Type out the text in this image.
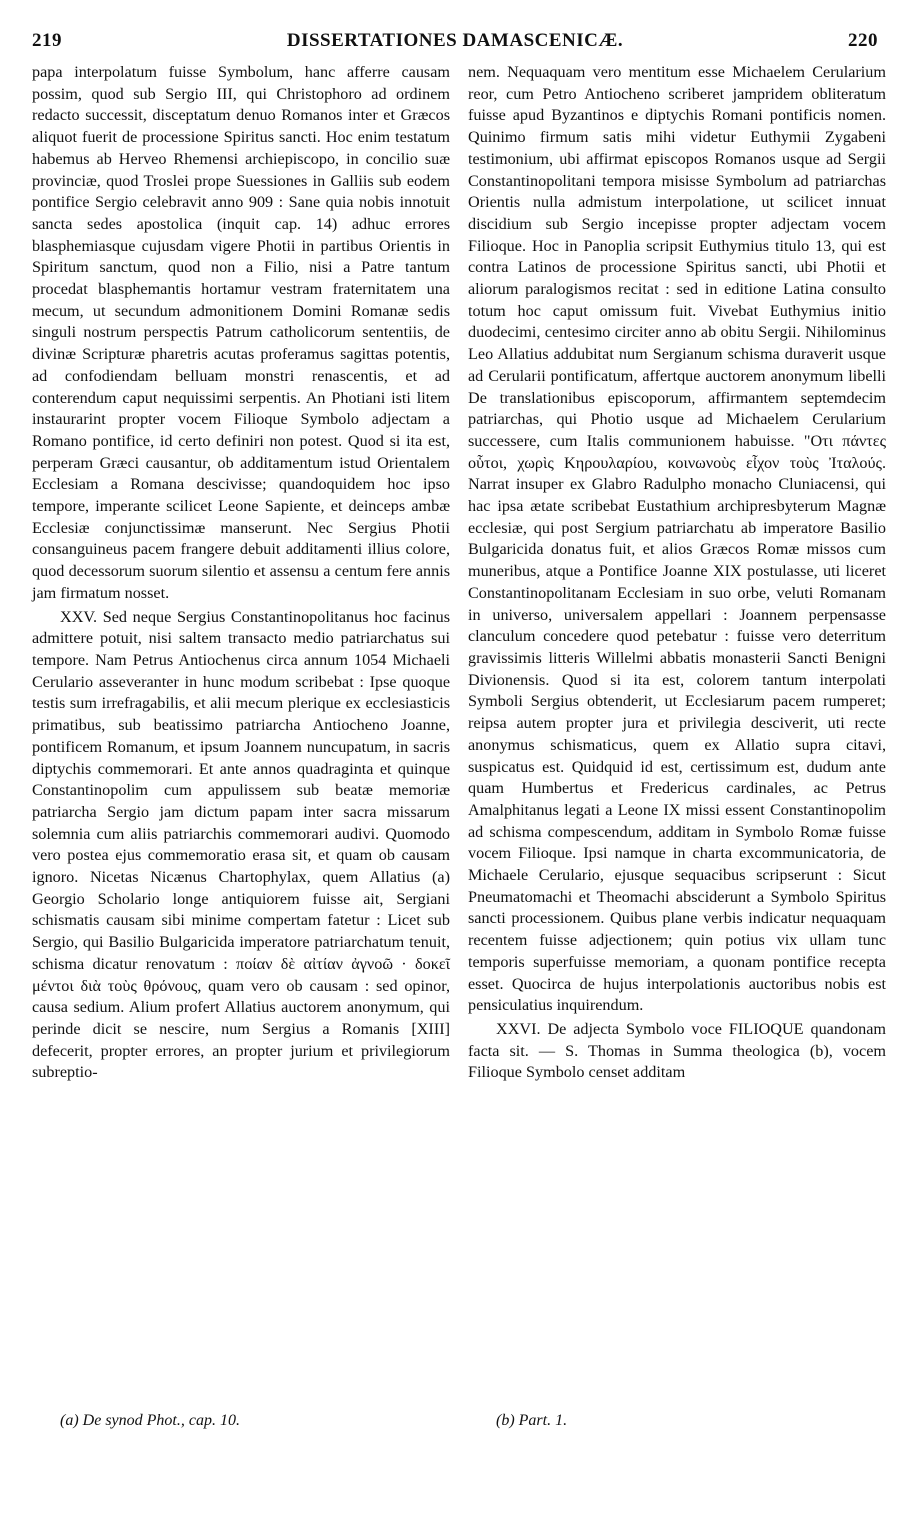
219	DISSERTATIONES DAMASCENICÆ.	220

papa interpolatum fuisse Symbolum, hanc afferre causam possim, quod sub Sergio III, qui Christophoro ad ordinem redacto successit, disceptatum denuo Romanos inter et Græcos aliquot fuerit de processione Spiritus sancti. Hoc enim testatum habemus ab Herveo Rhemensi archiepiscopo, in concilio suæ provinciæ, quod Troslei prope Suessiones in Galliis sub eodem pontifice Sergio celebravit anno 909 : Sane quia nobis innotuit sancta sedes apostolica (inquit cap. 14) adhuc errores blasphemiasque cujusdam vigere Photii in partibus Orientis in Spiritum sanctum, quod non a Filio, nisi a Patre tantum procedat blasphemantis hortamur vestram fraternitatem una mecum, ut secundum admonitionem Domini Romanæ sedis singuli nostrum perspectis Patrum catholicorum sententiis, de divinæ Scripturæ pharetris acutas proferamus sagittas potentis, ad confodiendam belluam monstri renascentis, et ad conterendum caput nequissimi serpentis. An Photiani isti litem instaurarint propter vocem Filioque Symbolo adjectam a Romano pontifice, id certo definiri non potest. Quod si ita est, perperam Græci causantur, ob additamentum istud Orientalem Ecclesiam a Romana descivisse; quandoquidem hoc ipso tempore, imperante scilicet Leone Sapiente, et deinceps ambæ Ecclesiæ conjunctissimæ manserunt. Nec Sergius Photii consanguineus pacem frangere debuit additamenti illius colore, quod decessorum suorum silentio et assensu a centum fere annis jam firmatum nosset.

XXV. Sed neque Sergius Constantinopolitanus hoc facinus admittere potuit, nisi saltem transacto medio patriarchatus sui tempore. Nam Petrus Antiochenus circa annum 1054 Michaeli Cerulario asseveranter in hunc modum scribebat : Ipse quoque testis sum irrefragabilis, et alii mecum plerique ex ecclesiasticis primatibus, sub beatissimo patriarcha Antiocheno Joanne, pontificem Romanum, et ipsum Joannem nuncupatum, in sacris diptychis commemorari. Et ante annos quadraginta et quinque Constantinopolim cum appulissem sub beatæ memoriæ patriarcha Sergio jam dictum papam inter sacra missarum solemnia cum aliis patriarchis commemorari audivi. Quomodo vero postea ejus commemoratio erasa sit, et quam ob causam ignoro. Nicetas Nicænus Chartophylax, quem Allatius (a) Georgio Scholario longe antiquiorem fuisse ait, Sergiani schismatis causam sibi minime compertam fatetur : Licet sub Sergio, qui Basilio Bulgaricida imperatore patriarchatum tenuit, schisma dicatur renovatum : ποίαν δὲ αἰτίαν ἀγνοῶ · δοκεῖ μέντοι διὰ τοὺς θρόνους, quam vero ob causam : sed opinor, causa sedium. Alium profert Allatius auctorem anonymum, qui perinde dicit se nescire, num Sergius a Romanis [XIII] defecerit, propter errores, an propter jurium et privilegiorum subreptio-

nem. Nequaquam vero mentitum esse Michaelem Cerularium reor, cum Petro Antiocheno scriberet jampridem obliteratum fuisse apud Byzantinos e diptychis Romani pontificis nomen. Quinimo firmum satis mihi videtur Euthymii Zygabeni testimonium, ubi affirmat episcopos Romanos usque ad Sergii Constantinopolitani tempora misisse Symbolum ad patriarchas Orientis nulla admistum interpolatione, ut scilicet innuat discidium sub Sergio incepisse propter adjectam vocem Filioque. Hoc in Panoplia scripsit Euthymius titulo 13, qui est contra Latinos de processione Spiritus sancti, ubi Photii et aliorum paralogismos recitat : sed in editione Latina consulto totum hoc caput omissum fuit. Vivebat Euthymius initio duodecimi, centesimo circiter anno ab obitu Sergii. Nihilominus Leo Allatius addubitat num Sergianum schisma duraverit usque ad Cerularii pontificatum, affertque auctorem anonymum libelli De translationibus episcoporum, affirmantem septemdecim patriarchas, qui Photio usque ad Michaelem Cerularium successere, cum Italis communionem habuisse. "Οτι πάντες οὗτοι, χωρὶς Κηρουλαρίου, κοινωνοὺς εἶχον τοὺς Ἰταλούς. Narrat insuper ex Glabro Radulpho monacho Cluniacensi, qui hac ipsa ætate scribebat Eustathium archipresbyterum Magnæ ecclesiæ, qui post Sergium patriarchatu ab imperatore Basilio Bulgaricida donatus fuit, et alios Græcos Romæ missos cum muneribus, atque a Pontifice Joanne XIX postulasse, uti liceret Constantinopolitanam Ecclesiam in suo orbe, veluti Romanam in universo, universalem appellari : Joannem perpensasse clanculum concedere quod petebatur : fuisse vero deterritum gravissimis litteris Willelmi abbatis monasterii Sancti Benigni Divionensis. Quod si ita est, colorem tantum interpolati Symboli Sergius obtenderit, ut Ecclesiarum pacem rumperet; reipsa autem propter jura et privilegia desciverit, uti recte anonymus schismaticus, quem ex Allatio supra citavi, suspicatus est. Quidquid id est, certissimum est, dudum ante quam Humbertus et Fredericus cardinales, ac Petrus Amalphitanus legati a Leone IX missi essent Constantinopolim ad schisma compescendum, additam in Symbolo Romæ fuisse vocem Filioque. Ipsi namque in charta excommunicatoria, de Michaele Cerulario, ejusque sequacibus scripserunt : Sicut Pneumatomachi et Theomachi absciderunt a Symbolo Spiritus sancti processionem. Quibus plane verbis indicatur nequaquam recentem fuisse adjectionem; quin potius vix ullam tunc temporis superfuisse memoriam, a quonam pontifice recepta esset. Quocirca de hujus interpolationis auctoribus nobis est pensiculatius inquirendum.

XXVI. De adjecta Symbolo voce FILIOQUE quandonam facta sit. — S. Thomas in Summa theologica (b), vocem Filioque Symbolo censet additam

(a) De synod Phot., cap. 10.	(b) Part. 1.
